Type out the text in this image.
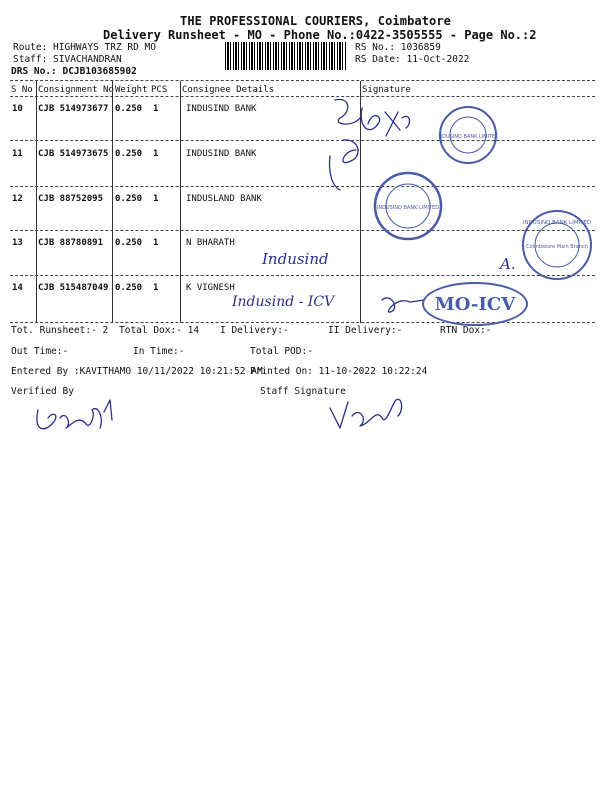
THE PROFESSIONAL COURIERS, Coimbatore
Delivery Runsheet - MO - Phone No.:0422-3505555 - Page No.:2
Route: HIGHWAYS TRZ RD MO
Staff: SIVACHANDRAN
DRS No.: DCJB103685902
RS No.: 1036859
RS Date: 11-Oct-2022
S No Consignment No Weight PCS Consignee Details	Signature
10 CJB 514973677 0.250 1	INDUSIND BANK
11 CJB 514973675 0.250 1	INDUSIND BANK
12 CJB 88752095 0.250 1	INDUSLAND BANK
13 CJB 88780891 0.250 1	N BHARATH
14 CJB 515487049 0.250 1	K VIGNESH
Tot. Runsheet:- 2 Total Dox:- 14 I Delivery:-	II Delivery:-	RTN Dox:-
Out Time:-	In Time:-	Total POD:-
Entered By :KAVITHAMO 10/11/2022 10:21:52 AM
Printed On: 11-10-2022 10:22:24
Verified By	Staff Signature
Indusind	A.
Indusind - ICV
INDUSIND BANK LIMITED
INDUSIND BANK LIMITED
INDUSIND BANK LIMITED
Coimbatore Main Branch
MO-ICV
